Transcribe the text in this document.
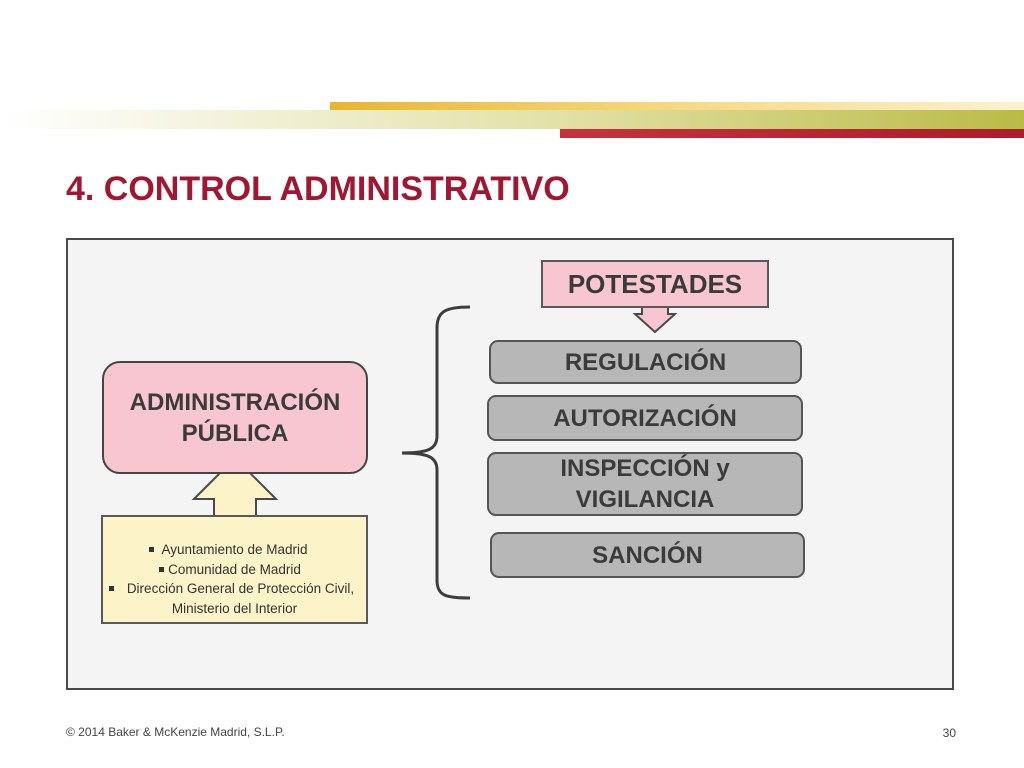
4. CONTROL ADMINISTRATIVO
POTESTADES
ADMINISTRACIÓN
PÚBLICA
REGULACIÓN
AUTORIZACIÓN
INSPECCIÓN y
VIGILANCIA
SANCIÓN
Ayuntamiento de Madrid
Comunidad de Madrid
Dirección General de Protección Civil,
Ministerio del Interior
© 2014 Baker & McKenzie Madrid, S.L.P.	30
